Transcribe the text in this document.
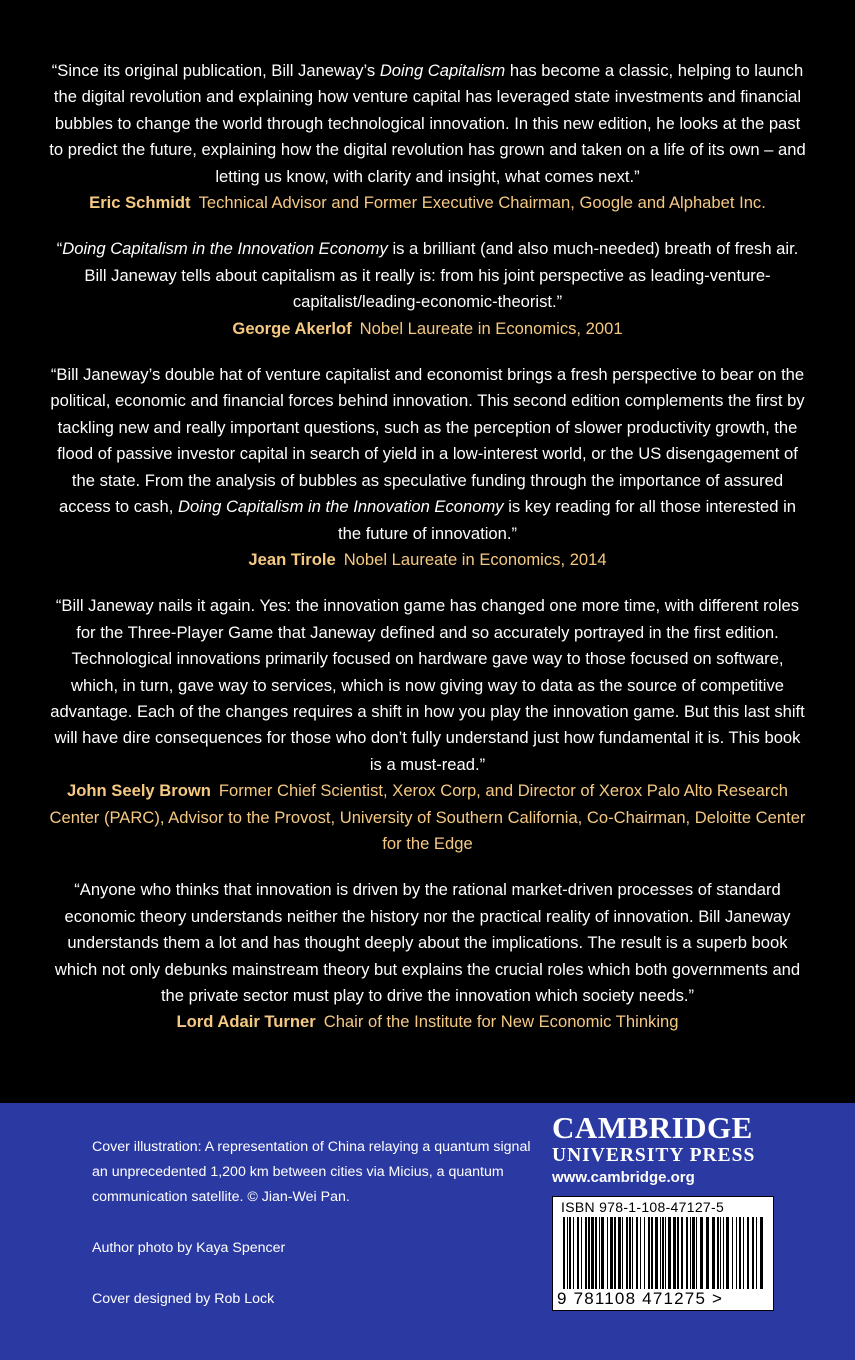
“Since its original publication, Bill Janeway’s Doing Capitalism has become a classic, helping to launch the digital revolution and explaining how venture capital has leveraged state investments and financial bubbles to change the world through technological innovation. In this new edition, he looks at the past to predict the future, explaining how the digital revolution has grown and taken on a life of its own – and letting us know, with clarity and insight, what comes next.”
Eric Schmidt Technical Advisor and Former Executive Chairman, Google and Alphabet Inc.
“Doing Capitalism in the Innovation Economy is a brilliant (and also much-needed) breath of fresh air. Bill Janeway tells about capitalism as it really is: from his joint perspective as leading-venture-capitalist/leading-economic-theorist.”
George Akerlof Nobel Laureate in Economics, 2001
“Bill Janeway’s double hat of venture capitalist and economist brings a fresh perspective to bear on the political, economic and financial forces behind innovation. This second edition complements the first by tackling new and really important questions, such as the perception of slower productivity growth, the flood of passive investor capital in search of yield in a low-interest world, or the US disengagement of the state. From the analysis of bubbles as speculative funding through the importance of assured access to cash, Doing Capitalism in the Innovation Economy is key reading for all those interested in the future of innovation.”
Jean Tirole Nobel Laureate in Economics, 2014
“Bill Janeway nails it again. Yes: the innovation game has changed one more time, with different roles for the Three-Player Game that Janeway defined and so accurately portrayed in the first edition. Technological innovations primarily focused on hardware gave way to those focused on software, which, in turn, gave way to services, which is now giving way to data as the source of competitive advantage. Each of the changes requires a shift in how you play the innovation game. But this last shift will have dire consequences for those who don’t fully understand just how fundamental it is. This book is a must-read.”
John Seely Brown Former Chief Scientist, Xerox Corp, and Director of Xerox Palo Alto Research Center (PARC), Advisor to the Provost, University of Southern California, Co-Chairman, Deloitte Center for the Edge
“Anyone who thinks that innovation is driven by the rational market-driven processes of standard economic theory understands neither the history nor the practical reality of innovation. Bill Janeway understands them a lot and has thought deeply about the implications. The result is a superb book which not only debunks mainstream theory but explains the crucial roles which both governments and the private sector must play to drive the innovation which society needs.”
Lord Adair Turner Chair of the Institute for New Economic Thinking

Cover illustration: A representation of China relaying a quantum signal an unprecedented 1,200 km between cities via Micius, a quantum communication satellite. © Jian-Wei Pan.

Author photo by Kaya Spencer

Cover designed by Rob Lock

CAMBRIDGE
UNIVERSITY PRESS
www.cambridge.org
ISBN 978-1-108-47127-5
9 781108 471275 >
